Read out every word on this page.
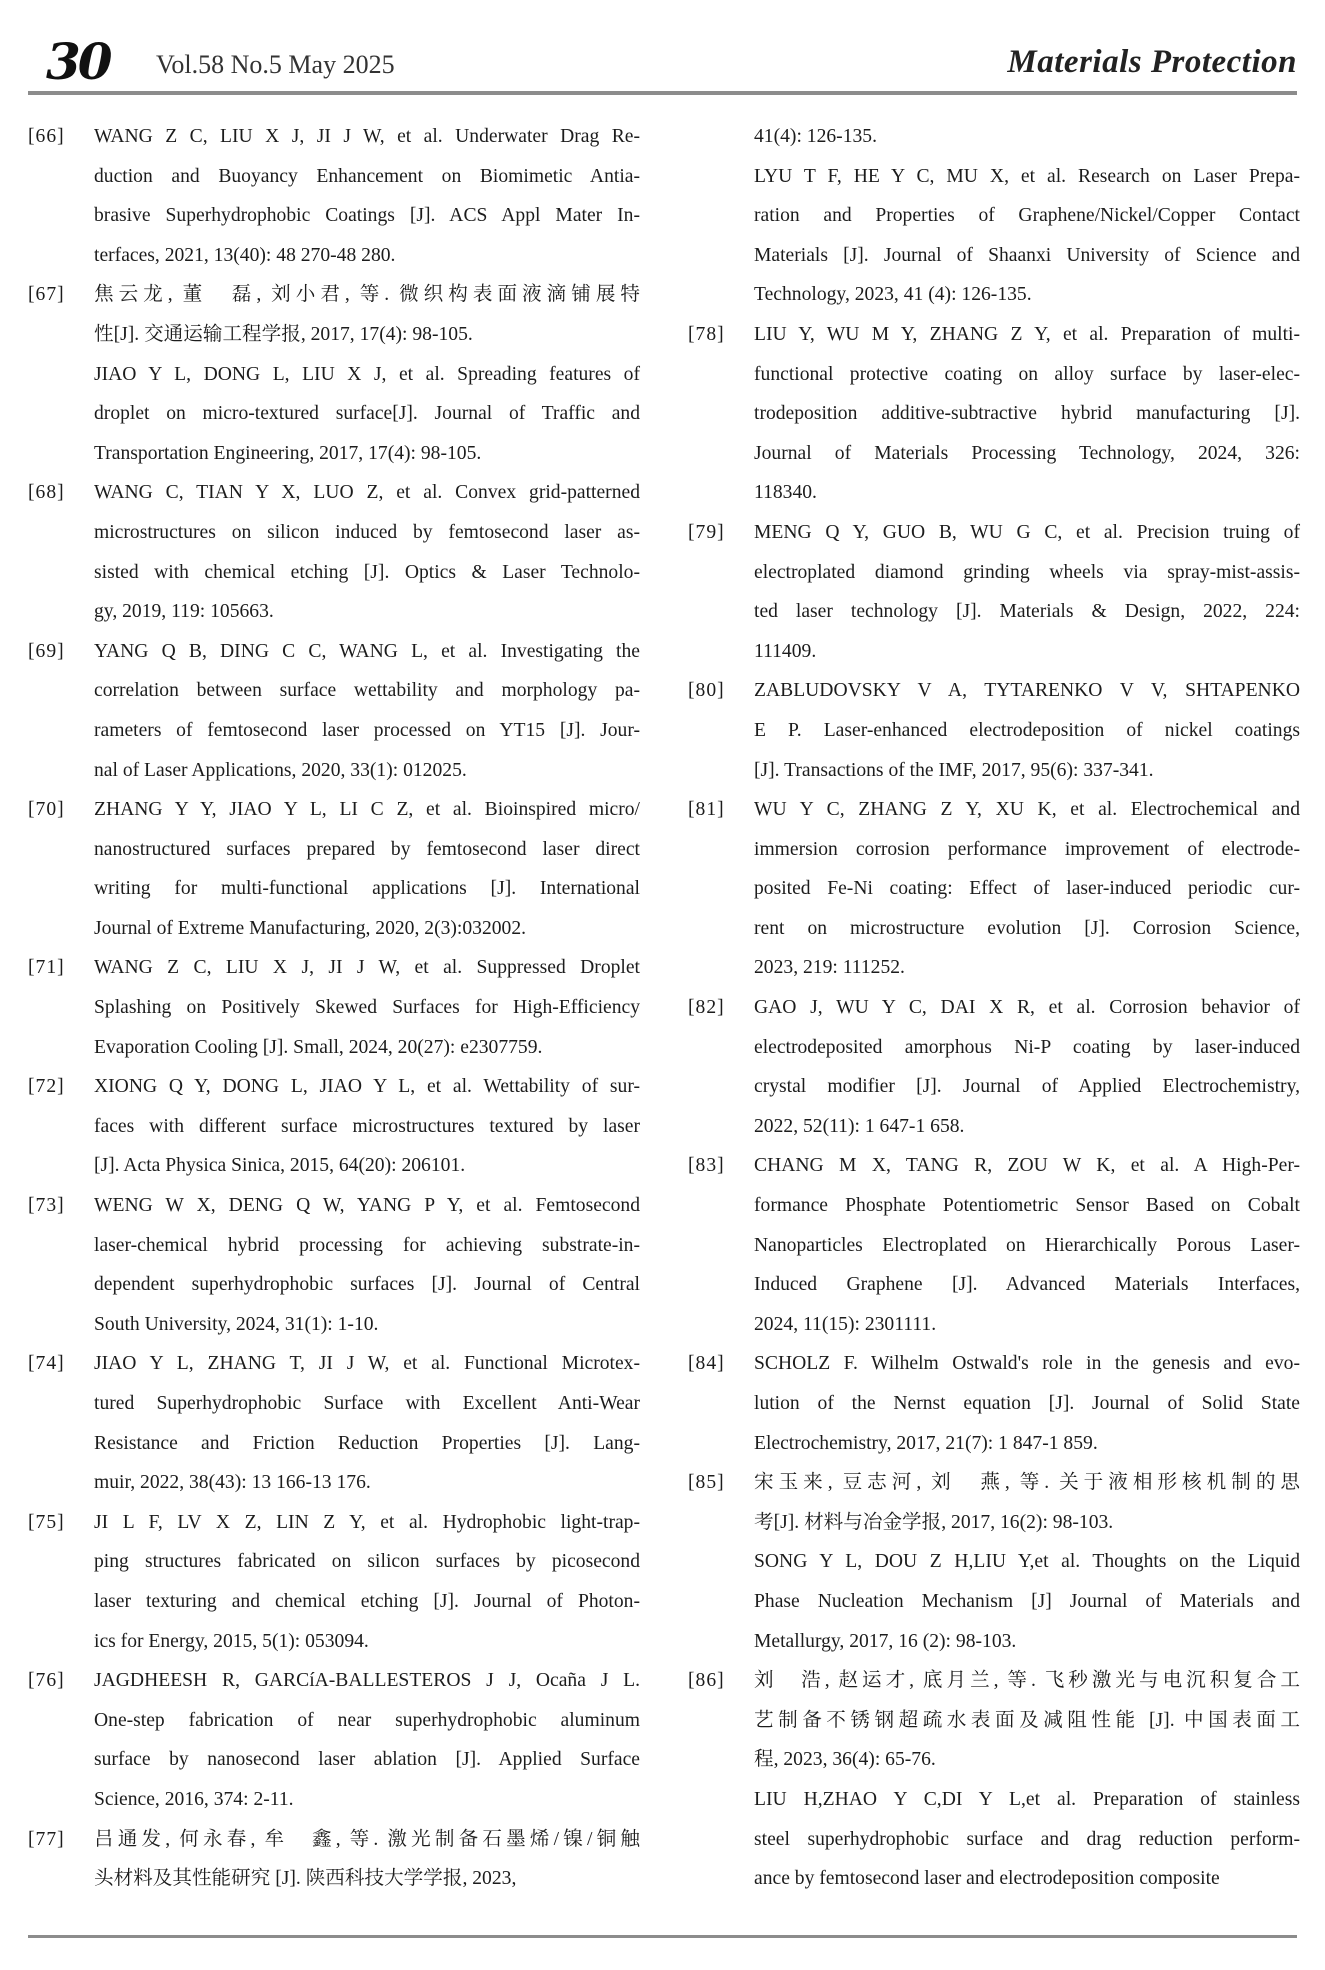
30 Vol.58 No.5 May 2025	Materials Protection
[66]	WANG Z C, LIU X J, JI J W, et al. Underwater Drag Re-
duction and Buoyancy Enhancement on Biomimetic Antia-
brasive Superhydrophobic Coatings [J]. ACS Appl Mater In-
terfaces, 2021, 13(40): 48 270-48 280.
[67]	焦云龙, 董　磊, 刘小君, 等. 微织构表面液滴铺展特
性[J]. 交通运输工程学报, 2017, 17(4): 98-105.
JIAO Y L, DONG L, LIU X J, et al. Spreading features of
droplet on micro-textured surface[J]. Journal of Traffic and
Transportation Engineering, 2017, 17(4): 98-105.
[68]	WANG C, TIAN Y X, LUO Z, et al. Convex grid-patterned
microstructures on silicon induced by femtosecond laser as-
sisted with chemical etching [J]. Optics & Laser Technolo-
gy, 2019, 119: 105663.
[69]	YANG Q B, DING C C, WANG L, et al. Investigating the
correlation between surface wettability and morphology pa-
rameters of femtosecond laser processed on YT15 [J]. Jour-
nal of Laser Applications, 2020, 33(1): 012025.
[70]	ZHANG Y Y, JIAO Y L, LI C Z, et al. Bioinspired micro/
nanostructured surfaces prepared by femtosecond laser direct
writing for multi-functional applications [J]. International
Journal of Extreme Manufacturing, 2020, 2(3):032002.
[71]	WANG Z C, LIU X J, JI J W, et al. Suppressed Droplet
Splashing on Positively Skewed Surfaces for High-Efficiency
Evaporation Cooling [J]. Small, 2024, 20(27): e2307759.
[72]	XIONG Q Y, DONG L, JIAO Y L, et al. Wettability of sur-
faces with different surface microstructures textured by laser
[J]. Acta Physica Sinica, 2015, 64(20): 206101.
[73]	WENG W X, DENG Q W, YANG P Y, et al. Femtosecond
laser-chemical hybrid processing for achieving substrate-in-
dependent superhydrophobic surfaces [J]. Journal of Central
South University, 2024, 31(1): 1-10.
[74]	JIAO Y L, ZHANG T, JI J W, et al. Functional Microtex-
tured Superhydrophobic Surface with Excellent Anti-Wear
Resistance and Friction Reduction Properties [J]. Lang-
muir, 2022, 38(43): 13 166-13 176.
[75]	JI L F, LV X Z, LIN Z Y, et al. Hydrophobic light-trap-
ping structures fabricated on silicon surfaces by picosecond
laser texturing and chemical etching [J]. Journal of Photon-
ics for Energy, 2015, 5(1): 053094.
[76]	JAGDHEESH R, GARCíA-BALLESTEROS J J, Ocaña J L.
One-step fabrication of near superhydrophobic aluminum
surface by nanosecond laser ablation [J]. Applied Surface
Science, 2016, 374: 2-11.
[77]	吕通发, 何永春, 牟　鑫, 等. 激光制备石墨烯/镍/铜触
头材料及其性能研究 [J]. 陕西科技大学学报, 2023,
41(4): 126-135.
LYU T F, HE Y C, MU X, et al. Research on Laser Prepa-
ration and Properties of Graphene/Nickel/Copper Contact
Materials [J]. Journal of Shaanxi University of Science and
Technology, 2023, 41 (4): 126-135.
[78]	LIU Y, WU M Y, ZHANG Z Y, et al. Preparation of multi-
functional protective coating on alloy surface by laser-elec-
trodeposition additive-subtractive hybrid manufacturing [J].
Journal of Materials Processing Technology, 2024, 326:
118340.
[79]	MENG Q Y, GUO B, WU G C, et al. Precision truing of
electroplated diamond grinding wheels via spray-mist-assis-
ted laser technology [J]. Materials & Design, 2022, 224:
111409.
[80]	ZABLUDOVSKY V A, TYTARENKO V V, SHTAPENKO
E P. Laser-enhanced electrodeposition of nickel coatings
[J]. Transactions of the IMF, 2017, 95(6): 337-341.
[81]	WU Y C, ZHANG Z Y, XU K, et al. Electrochemical and
immersion corrosion performance improvement of electrode-
posited Fe-Ni coating: Effect of laser-induced periodic cur-
rent on microstructure evolution [J]. Corrosion Science,
2023, 219: 111252.
[82]	GAO J, WU Y C, DAI X R, et al. Corrosion behavior of
electrodeposited amorphous Ni-P coating by laser-induced
crystal modifier [J]. Journal of Applied Electrochemistry,
2022, 52(11): 1 647-1 658.
[83]	CHANG M X, TANG R, ZOU W K, et al. A High-Per-
formance Phosphate Potentiometric Sensor Based on Cobalt
Nanoparticles Electroplated on Hierarchically Porous Laser-
Induced Graphene [J]. Advanced Materials Interfaces,
2024, 11(15): 2301111.
[84]	SCHOLZ F. Wilhelm Ostwald's role in the genesis and evo-
lution of the Nernst equation [J]. Journal of Solid State
Electrochemistry, 2017, 21(7): 1 847-1 859.
[85]	宋玉来, 豆志河, 刘　燕, 等. 关于液相形核机制的思
考[J]. 材料与冶金学报, 2017, 16(2): 98-103.
SONG Y L, DOU Z H,LIU Y,et al. Thoughts on the Liquid
Phase Nucleation Mechanism [J] Journal of Materials and
Metallurgy, 2017, 16 (2): 98-103.
[86]	刘　浩, 赵运才, 底月兰, 等. 飞秒激光与电沉积复合工
艺制备不锈钢超疏水表面及减阻性能 [J]. 中国表面工
程, 2023, 36(4): 65-76.
LIU H,ZHAO Y C,DI Y L,et al. Preparation of stainless
steel superhydrophobic surface and drag reduction perform-
ance by femtosecond laser and electrodeposition composite
